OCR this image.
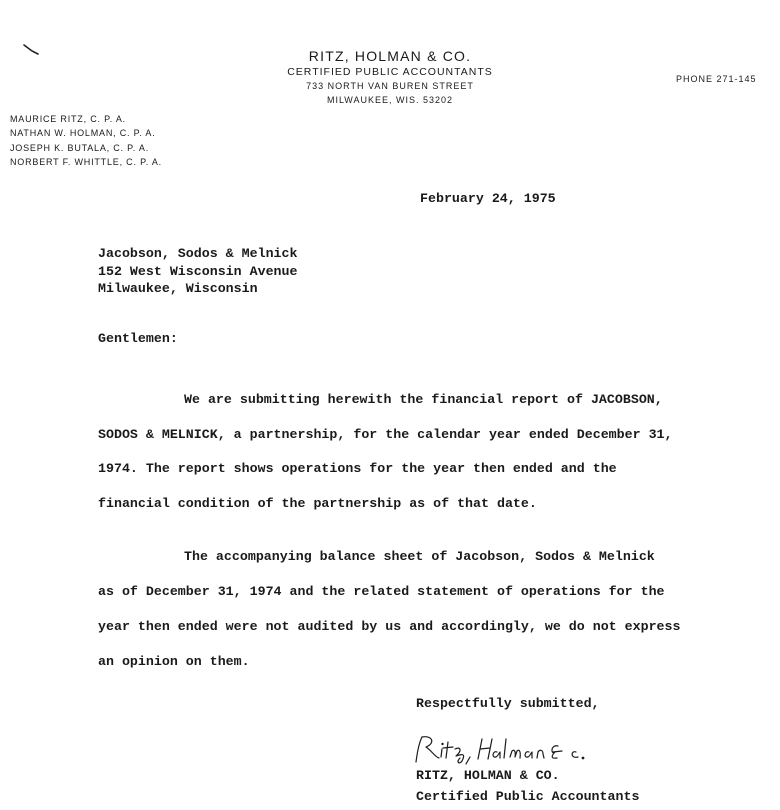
RITZ, HOLMAN & CO.
CERTIFIED PUBLIC ACCOUNTANTS
733 NORTH VAN BUREN STREET
MILWAUKEE, WIS. 53202
PHONE 271-145
MAURICE RITZ, C. P. A.
NATHAN W. HOLMAN, C. P. A.
JOSEPH K. BUTALA, C. P. A.
NORBERT F. WHITTLE, C. P. A.
February 24, 1975
Jacobson, Sodos & Melnick
152 West Wisconsin Avenue
Milwaukee, Wisconsin
Gentlemen:
We are submitting herewith the financial report of JACOBSON,
SODOS & MELNICK, a partnership, for the calendar year ended December 31,
1974. The report shows operations for the year then ended and the
financial condition of the partnership as of that date.
The accompanying balance sheet of Jacobson, Sodos & Melnick
as of December 31, 1974 and the related statement of operations for the
year then ended were not audited by us and accordingly, we do not express
an opinion on them.
Respectfully submitted,
RITZ, HOLMAN & CO.
Certified Public Accountants
